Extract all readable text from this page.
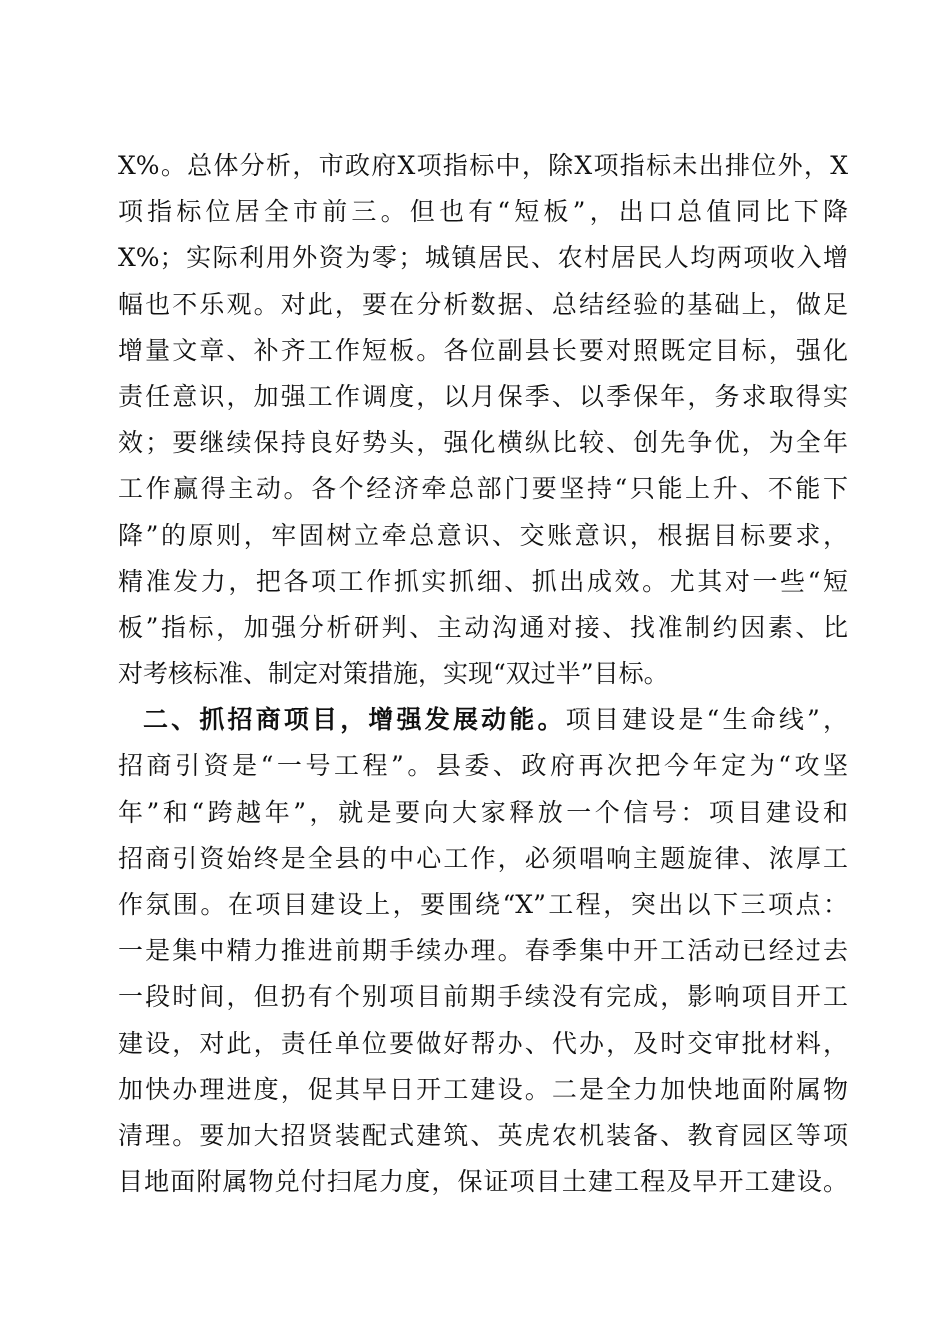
X%。总体分析，市政府X项指标中，除X项指标未出排位外，X
项指标位居全市前三。但也有“短板”，出口总值同比下降
X%；实际利用外资为零；城镇居民、农村居民人均两项收入增
幅也不乐观。对此，要在分析数据、总结经验的基础上，做足
增量文章、补齐工作短板。各位副县长要对照既定目标，强化
责任意识，加强工作调度，以月保季、以季保年，务求取得实
效；要继续保持良好势头，强化横纵比较、创先争优，为全年
工作赢得主动。各个经济牵总部门要坚持“只能上升、不能下
降”的原则，牢固树立牵总意识、交账意识，根据目标要求，
精准发力，把各项工作抓实抓细、抓出成效。尤其对一些“短
板”指标，加强分析研判、主动沟通对接、找准制约因素、比
对考核标准、制定对策措施，实现“双过半”目标。
二、抓招商项目，增强发展动能。项目建设是“生命线”，
招商引资是“一号工程”。县委、政府再次把今年定为“攻坚
年”和“跨越年”，就是要向大家释放一个信号：项目建设和
招商引资始终是全县的中心工作，必须唱响主题旋律、浓厚工
作氛围。在项目建设上，要围绕“X”工程，突出以下三项点：
一是集中精力推进前期手续办理。春季集中开工活动已经过去
一段时间，但扔有个别项目前期手续没有完成，影响项目开工
建设，对此，责任单位要做好帮办、代办，及时交审批材料，
加快办理进度，促其早日开工建设。二是全力加快地面附属物
清理。要加大招贤装配式建筑、英虎农机装备、教育园区等项
目地面附属物兑付扫尾力度，保证项目土建工程及早开工建设。
